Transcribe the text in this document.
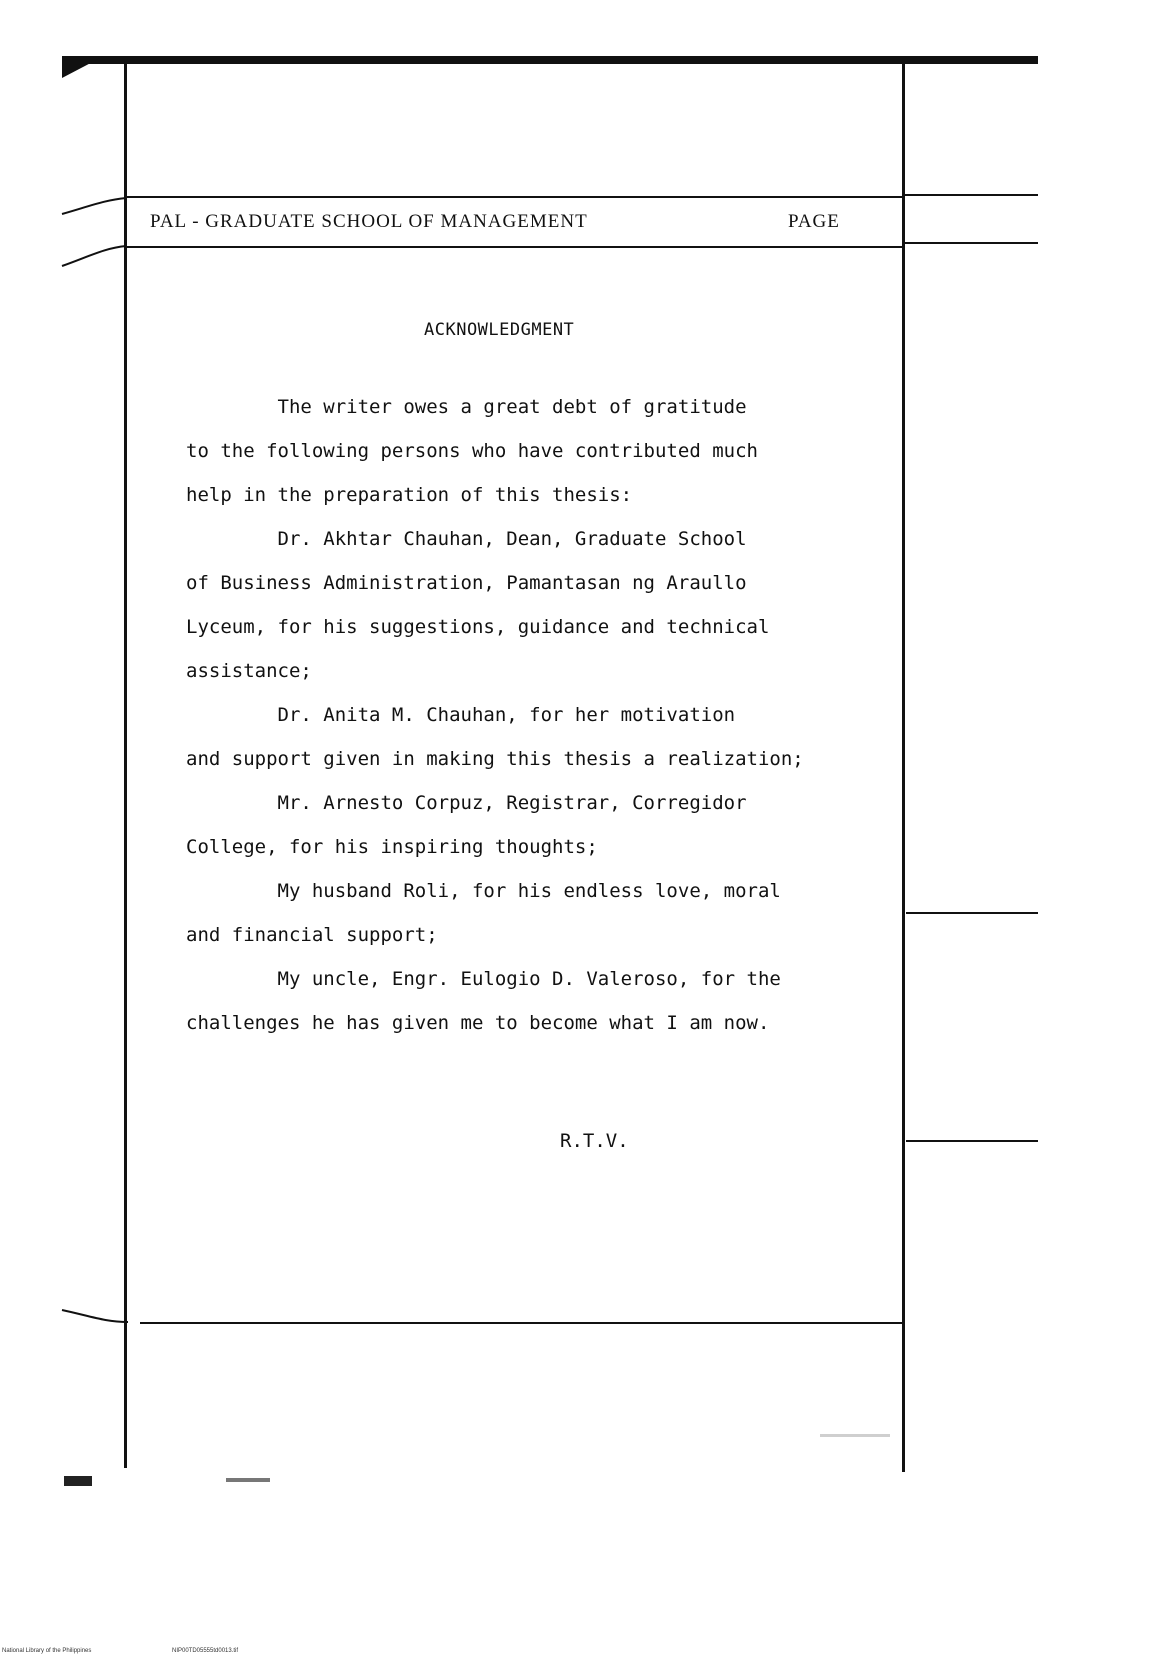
PAL - GRADUATE SCHOOL OF MANAGEMENT	PAGE
ACKNOWLEDGMENT
The writer owes a great debt of gratitude
to the following persons who have contributed much
help in the preparation of this thesis:
Dr. Akhtar Chauhan, Dean, Graduate School
of Business Administration, Pamantasan ng Araullo
Lyceum, for his suggestions, guidance and technical
assistance;
Dr. Anita M. Chauhan, for her motivation
and support given in making this thesis a realization;
Mr. Arnesto Corpuz, Registrar, Corregidor
College, for his inspiring thoughts;
My husband Roli, for his endless love, moral
and financial support;
My uncle, Engr. Eulogio D. Valeroso, for the
challenges he has given me to become what I am now.
R.T.V.
National Library of the Philippines	NIP00TD05555td0013.tif
